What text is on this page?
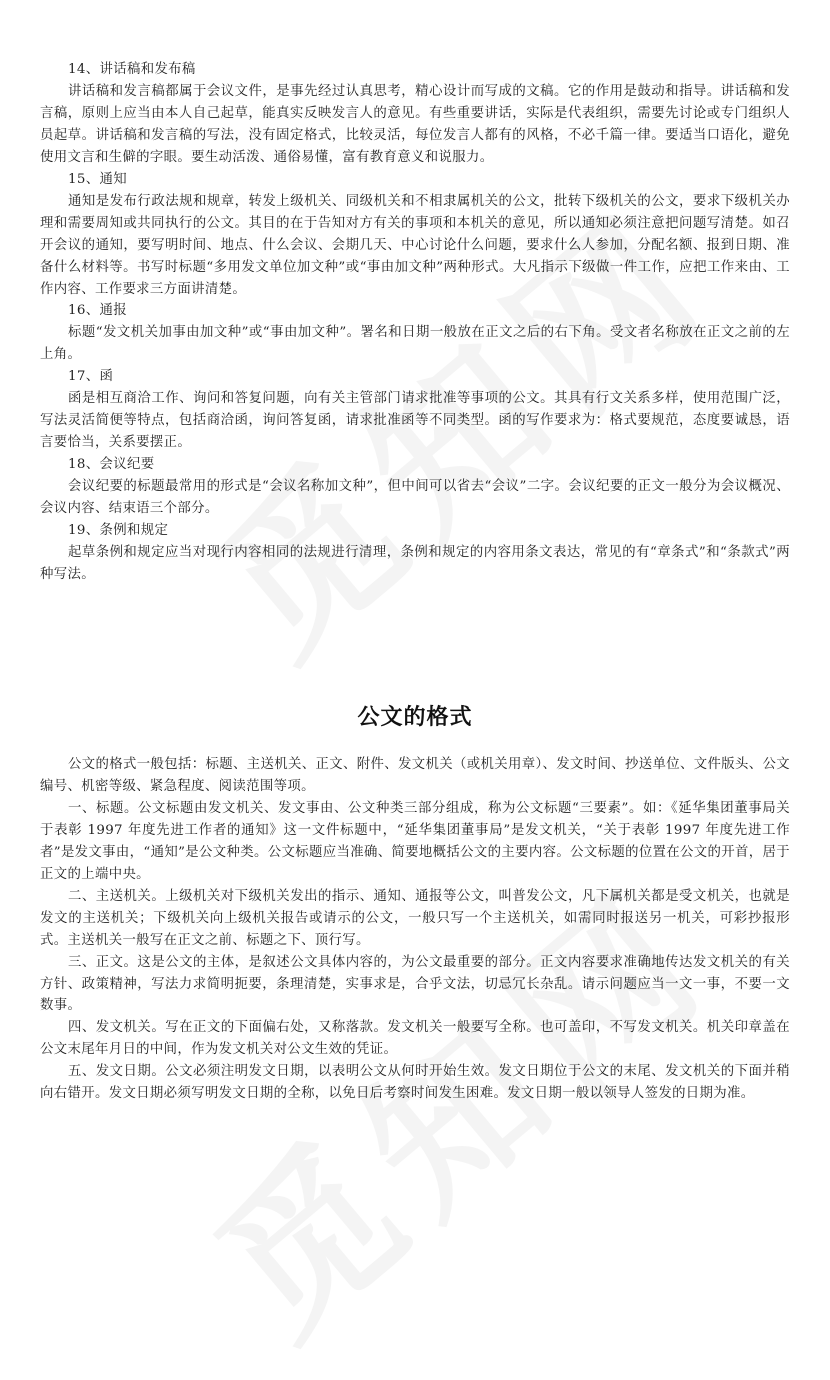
14、讲话稿和发布稿

讲话稿和发言稿都属于会议文件，是事先经过认真思考，精心设计而写成的文稿。它的作用是鼓动和指导。讲话稿和发言稿，原则上应当由本人自己起草，能真实反映发言人的意见。有些重要讲话，实际是代表组织，需要先讨论或专门组织人员起草。讲话稿和发言稿的写法，没有固定格式，比较灵活，每位发言人都有的风格，不必千篇一律。要适当口语化，避免使用文言和生僻的字眼。要生动活泼、通俗易懂，富有教育意义和说服力。

15、通知

通知是发布行政法规和规章，转发上级机关、同级机关和不相隶属机关的公文，批转下级机关的公文，要求下级机关办理和需要周知或共同执行的公文。其目的在于告知对方有关的事项和本机关的意见，所以通知必须注意把问题写清楚。如召开会议的通知，要写明时间、地点、什么会议、会期几天、中心讨论什么问题，要求什么人参加，分配名额、报到日期、准备什么材料等。书写时标题“多用发文单位加文种”或“事由加文种”两种形式。大凡指示下级做一件工作，应把工作来由、工作内容、工作要求三方面讲清楚。

16、通报

标题“发文机关加事由加文种”或“事由加文种”。署名和日期一般放在正文之后的右下角。受文者名称放在正文之前的左上角。

17、函

函是相互商洽工作、询问和答复问题，向有关主管部门请求批准等事项的公文。其具有行文关系多样，使用范围广泛，写法灵活简便等特点，包括商洽函，询问答复函，请求批准函等不同类型。函的写作要求为：格式要规范，态度要诚恳，语言要恰当，关系要摆正。

18、会议纪要

会议纪要的标题最常用的形式是“会议名称加文种”，但中间可以省去“会议”二字。会议纪要的正文一般分为会议概况、会议内容、结束语三个部分。

19、条例和规定

起草条例和规定应当对现行内容相同的法规进行清理，条例和规定的内容用条文表达，常见的有“章条式”和“条款式”两种写法。

公文的格式

公文的格式一般包括：标题、主送机关、正文、附件、发文机关（或机关用章）、发文时间、抄送单位、文件版头、公文编号、机密等级、紧急程度、阅读范围等项。

一、标题。公文标题由发文机关、发文事由、公文种类三部分组成，称为公文标题“三要素”。如：《延华集团董事局关于表彰 1997 年度先进工作者的通知》这一文件标题中，“延华集团董事局”是发文机关，“关于表彰 1997 年度先进工作者”是发文事由，“通知”是公文种类。公文标题应当准确、简要地概括公文的主要内容。公文标题的位置在公文的开首，居于正文的上端中央。

二、主送机关。上级机关对下级机关发出的指示、通知、通报等公文，叫普发公文，凡下属机关都是受文机关，也就是发文的主送机关；下级机关向上级机关报告或请示的公文，一般只写一个主送机关，如需同时报送另一机关，可彩抄报形式。主送机关一般写在正文之前、标题之下、顶行写。

三、正文。这是公文的主体，是叙述公文具体内容的，为公文最重要的部分。正文内容要求准确地传达发文机关的有关方针、政策精神，写法力求简明扼要，条理清楚，实事求是，合乎文法，切忌冗长杂乱。请示问题应当一文一事，不要一文数事。

四、发文机关。写在正文的下面偏右处，又称落款。发文机关一般要写全称。也可盖印，不写发文机关。机关印章盖在公文末尾年月日的中间，作为发文机关对公文生效的凭证。

五、发文日期。公文必须注明发文日期，以表明公文从何时开始生效。发文日期位于公文的末尾、发文机关的下面并稍向右错开。发文日期必须写明发文日期的全称，以免日后考察时间发生困难。发文日期一般以领导人签发的日期为准。
